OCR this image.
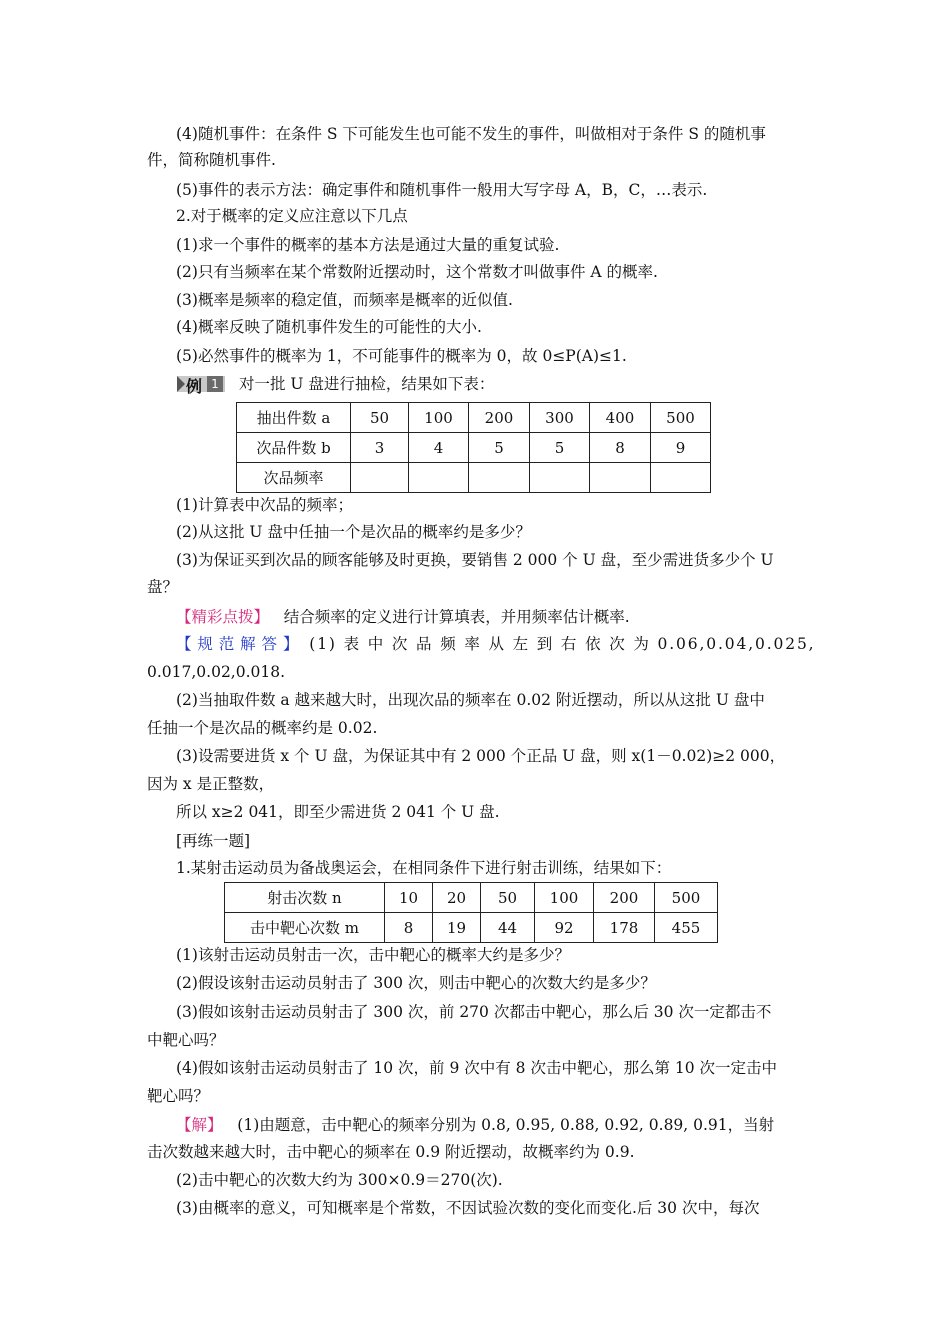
(4)随机事件：在条件 S 下可能发生也可能不发生的事件，叫做相对于条件 S 的随机事
件，简称随机事件.
(5)事件的表示方法：确定事件和随机事件一般用大写字母 A，B，C，…表示.
2.对于概率的定义应注意以下几点
(1)求一个事件的概率的基本方法是通过大量的重复试验.
(2)只有当频率在某个常数附近摆动时，这个常数才叫做事件 A 的概率.
(3)概率是频率的稳定值，而频率是概率的近似值.
(4)概率反映了随机事件发生的可能性的大小.
(5)必然事件的概率为 1，不可能事件的概率为 0，故 0≤P(A)≤1.
例 1 对一批 U 盘进行抽检，结果如下表：
抽出件数 a	50	100	200	300	400	500
次品件数 b	3	4	5	5	8	9
次品频率						
(1)计算表中次品的频率；
(2)从这批 U 盘中任抽一个是次品的概率约是多少？
(3)为保证买到次品的顾客能够及时更换，要销售 2 000 个 U 盘，至少需进货多少个 U
盘？
【精彩点拨】 结合频率的定义进行计算填表，并用频率估计概率.
【规范解答】 (1) 表 中 次 品 频 率 从 左 到 右 依 次 为 0.06,0.04,0.025,
0.017,0.02,0.018.
(2)当抽取件数 a 越来越大时，出现次品的频率在 0.02 附近摆动，所以从这批 U 盘中
任抽一个是次品的概率约是 0.02.
(3)设需要进货 x 个 U 盘，为保证其中有 2 000 个正品 U 盘，则 x(1－0.02)≥2 000，
因为 x 是正整数，
所以 x≥2 041，即至少需进货 2 041 个 U 盘.
[再练一题]
1.某射击运动员为备战奥运会，在相同条件下进行射击训练，结果如下：
射击次数 n	10	20	50	100	200	500
击中靶心次数 m	8	19	44	92	178	455
(1)该射击运动员射击一次，击中靶心的概率大约是多少？
(2)假设该射击运动员射击了 300 次，则击中靶心的次数大约是多少？
(3)假如该射击运动员射击了 300 次，前 270 次都击中靶心，那么后 30 次一定都击不
中靶心吗？
(4)假如该射击运动员射击了 10 次，前 9 次中有 8 次击中靶心，那么第 10 次一定击中
靶心吗？
【解】 (1)由题意，击中靶心的频率分别为 0.8, 0.95, 0.88, 0.92, 0.89, 0.91，当射
击次数越来越大时，击中靶心的频率在 0.9 附近摆动，故概率约为 0.9.
(2)击中靶心的次数大约为 300×0.9＝270(次).
(3)由概率的意义，可知概率是个常数，不因试验次数的变化而变化.后 30 次中，每次
